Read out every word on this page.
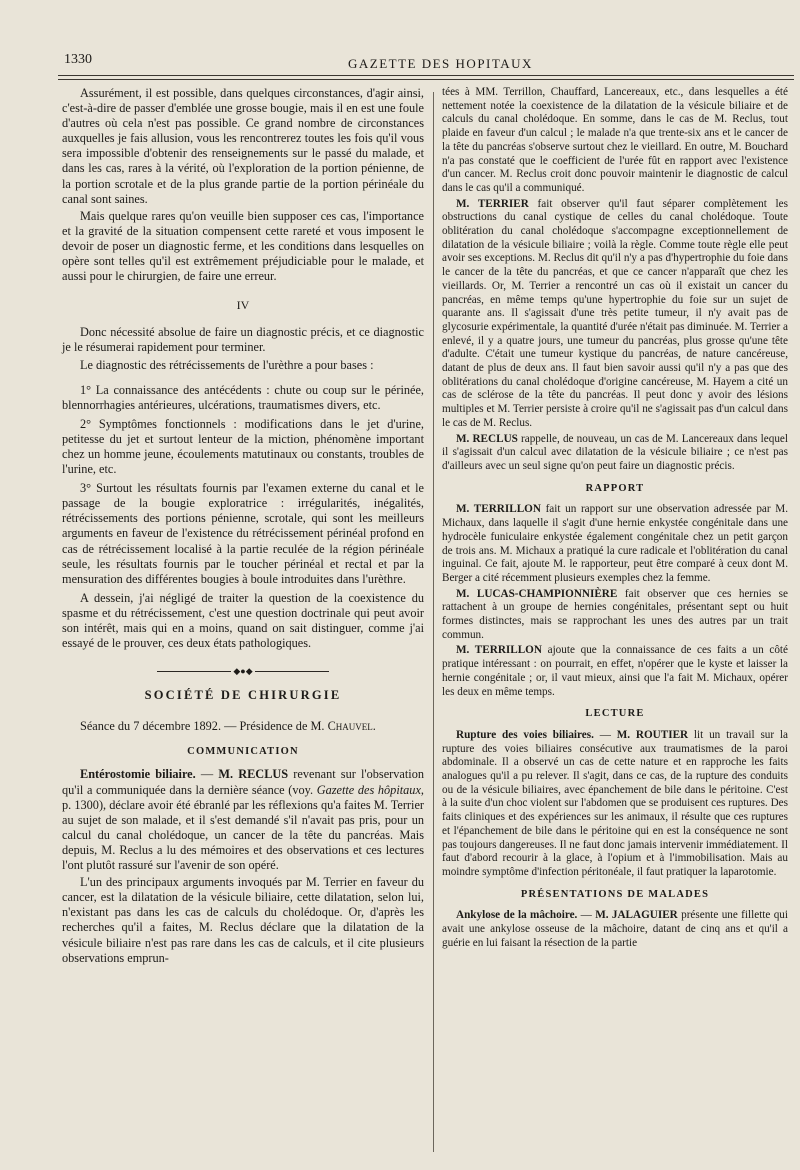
1330	GAZETTE DES HOPITAUX

Assurément, il est possible, dans quelques circonstances, d'agir ainsi, c'est-à-dire de passer d'emblée une grosse bougie, mais il en est une foule d'autres où cela n'est pas possible. Ce grand nombre de circonstances auxquelles je fais allusion, vous les rencontrerez toutes les fois qu'il vous sera impossible d'obtenir des renseignements sur le passé du malade, et dans les cas, rares à la vérité, où l'exploration de la portion pénienne, de la portion scrotale et de la plus grande partie de la portion périnéale du canal sont saines.

Mais quelque rares qu'on veuille bien supposer ces cas, l'importance et la gravité de la situation compensent cette rareté et vous imposent le devoir de poser un diagnostic ferme, et les conditions dans lesquelles on opère sont telles qu'il est extrêmement préjudiciable pour le malade, et aussi pour le chirurgien, de faire une erreur.

IV

Donc nécessité absolue de faire un diagnostic précis, et ce diagnostic je le résumerai rapidement pour terminer.

Le diagnostic des rétrécissements de l'urèthre a pour bases :

1° La connaissance des antécédents : chute ou coup sur le périnée, blennorrhagies antérieures, ulcérations, traumatismes divers, etc.

2° Symptômes fonctionnels : modifications dans le jet d'urine, petitesse du jet et surtout lenteur de la miction, phénomène important chez un homme jeune, écoulements matutinaux ou constants, troubles de l'urine, etc.

3° Surtout les résultats fournis par l'examen externe du canal et le passage de la bougie exploratrice : irrégularités, inégalités, rétrécissements des portions pénienne, scrotale, qui sont les meilleurs arguments en faveur de l'existence du rétrécissement périnéal profond en cas de rétrécissement localisé à la partie reculée de la région périnéale seule, les résultats fournis par le toucher périnéal et rectal et par la mensuration des différentes bougies à boule introduites dans l'urèthre.

A dessein, j'ai négligé de traiter la question de la coexistence du spasme et du rétrécissement, c'est une question doctrinale qui peut avoir son intérêt, mais qui en a moins, quand on sait distinguer, comme j'ai essayé de le prouver, ces deux états pathologiques.

◆●◆
SOCIÉTÉ DE CHIRURGIE

Séance du 7 décembre 1892. — Présidence de M. Chauvel.

COMMUNICATION

Entérostomie biliaire. — M. RECLUS revenant sur l'observation qu'il a communiquée dans la dernière séance (voy. Gazette des hôpitaux, p. 1300), déclare avoir été ébranlé par les réflexions qu'a faites M. Terrier au sujet de son malade, et il s'est demandé s'il n'avait pas pris, pour un calcul du canal cholédoque, un cancer de la tête du pancréas. Mais depuis, M. Reclus a lu des mémoires et des observations et ces lectures l'ont plutôt rassuré sur l'avenir de son opéré.

L'un des principaux arguments invoqués par M. Terrier en faveur du cancer, est la dilatation de la vésicule biliaire, cette dilatation, selon lui, n'existant pas dans les cas de calculs du cholédoque. Or, d'après les recherches qu'il a faites, M. Reclus déclare que la dilatation de la vésicule biliaire n'est pas rare dans les cas de calculs, et il cite plusieurs observations emprun-

tées à MM. Terrillon, Chauffard, Lancereaux, etc., dans lesquelles a été nettement notée la coexistence de la dilatation de la vésicule biliaire et de calculs du canal cholédoque. En somme, dans le cas de M. Reclus, tout plaide en faveur d'un calcul ; le malade n'a que trente-six ans et le cancer de la tête du pancréas s'observe surtout chez le vieillard. En outre, M. Bouchard n'a pas constaté que le coefficient de l'urée fût en rapport avec l'existence d'un cancer. M. Reclus croit donc pouvoir maintenir le diagnostic de calcul dans le cas qu'il a communiqué.

M. TERRIER fait observer qu'il faut séparer complètement les obstructions du canal cystique de celles du canal cholédoque. Toute oblitération du canal cholédoque s'accompagne exceptionnellement de dilatation de la vésicule biliaire ; voilà la règle. Comme toute règle elle peut avoir ses exceptions. M. Reclus dit qu'il n'y a pas d'hypertrophie du foie dans le cancer de la tête du pancréas, et que ce cancer n'apparaît que chez les vieillards. Or, M. Terrier a rencontré un cas où il existait un cancer du pancréas, en même temps qu'une hypertrophie du foie sur un sujet de quarante ans. Il s'agissait d'une très petite tumeur, il n'y avait pas de glycosurie expérimentale, la quantité d'urée n'était pas diminuée. M. Terrier a enlevé, il y a quatre jours, une tumeur du pancréas, plus grosse qu'une tête d'adulte. C'était une tumeur kystique du pancréas, de nature cancéreuse, datant de plus de deux ans. Il faut bien savoir aussi qu'il n'y a pas que des oblitérations du canal cholédoque d'origine cancéreuse, M. Hayem a cité un cas de sclérose de la tête du pancréas. Il peut donc y avoir des lésions multiples et M. Terrier persiste à croire qu'il ne s'agissait pas d'un calcul dans le cas de M. Reclus.

M. RECLUS rappelle, de nouveau, un cas de M. Lancereaux dans lequel il s'agissait d'un calcul avec dilatation de la vésicule biliaire ; ce n'est pas d'ailleurs avec un seul signe qu'on peut faire un diagnostic précis.

RAPPORT

M. TERRILLON fait un rapport sur une observation adressée par M. Michaux, dans laquelle il s'agit d'une hernie enkystée congénitale dans une hydrocèle funiculaire enkystée également congénitale chez un petit garçon de trois ans. M. Michaux a pratiqué la cure radicale et l'oblitération du canal inguinal. Ce fait, ajoute M. le rapporteur, peut être comparé à ceux dont M. Berger a cité récemment plusieurs exemples chez la femme.

M. LUCAS-CHAMPIONNIÈRE fait observer que ces hernies se rattachent à un groupe de hernies congénitales, présentant sept ou huit formes distinctes, mais se rapprochant les unes des autres par un trait commun.

M. TERRILLON ajoute que la connaissance de ces faits a un côté pratique intéressant : on pourrait, en effet, n'opérer que le kyste et laisser la hernie congénitale ; or, il vaut mieux, ainsi que l'a fait M. Michaux, opérer les deux en même temps.

LECTURE

Rupture des voies biliaires. — M. ROUTIER lit un travail sur la rupture des voies biliaires consécutive aux traumatismes de la paroi abdominale. Il a observé un cas de cette nature et en rapproche les faits analogues qu'il a pu relever. Il s'agit, dans ce cas, de la rupture des conduits ou de la vésicule biliaires, avec épanchement de bile dans le péritoine. C'est à la suite d'un choc violent sur l'abdomen que se produisent ces ruptures. Des faits cliniques et des expériences sur les animaux, il résulte que ces ruptures et l'épanchement de bile dans le péritoine qui en est la conséquence ne sont pas toujours dangereuses. Il ne faut donc jamais intervenir immédiatement. Il faut d'abord recourir à la glace, à l'opium et à l'immobilisation. Mais au moindre symptôme d'infection péritonéale, il faut pratiquer la laparotomie.

PRÉSENTATIONS DE MALADES

Ankylose de la mâchoire. — M. JALAGUIER présente une fillette qui avait une ankylose osseuse de la mâchoire, datant de cinq ans et qu'il a guérie en lui faisant la résection de la partie
